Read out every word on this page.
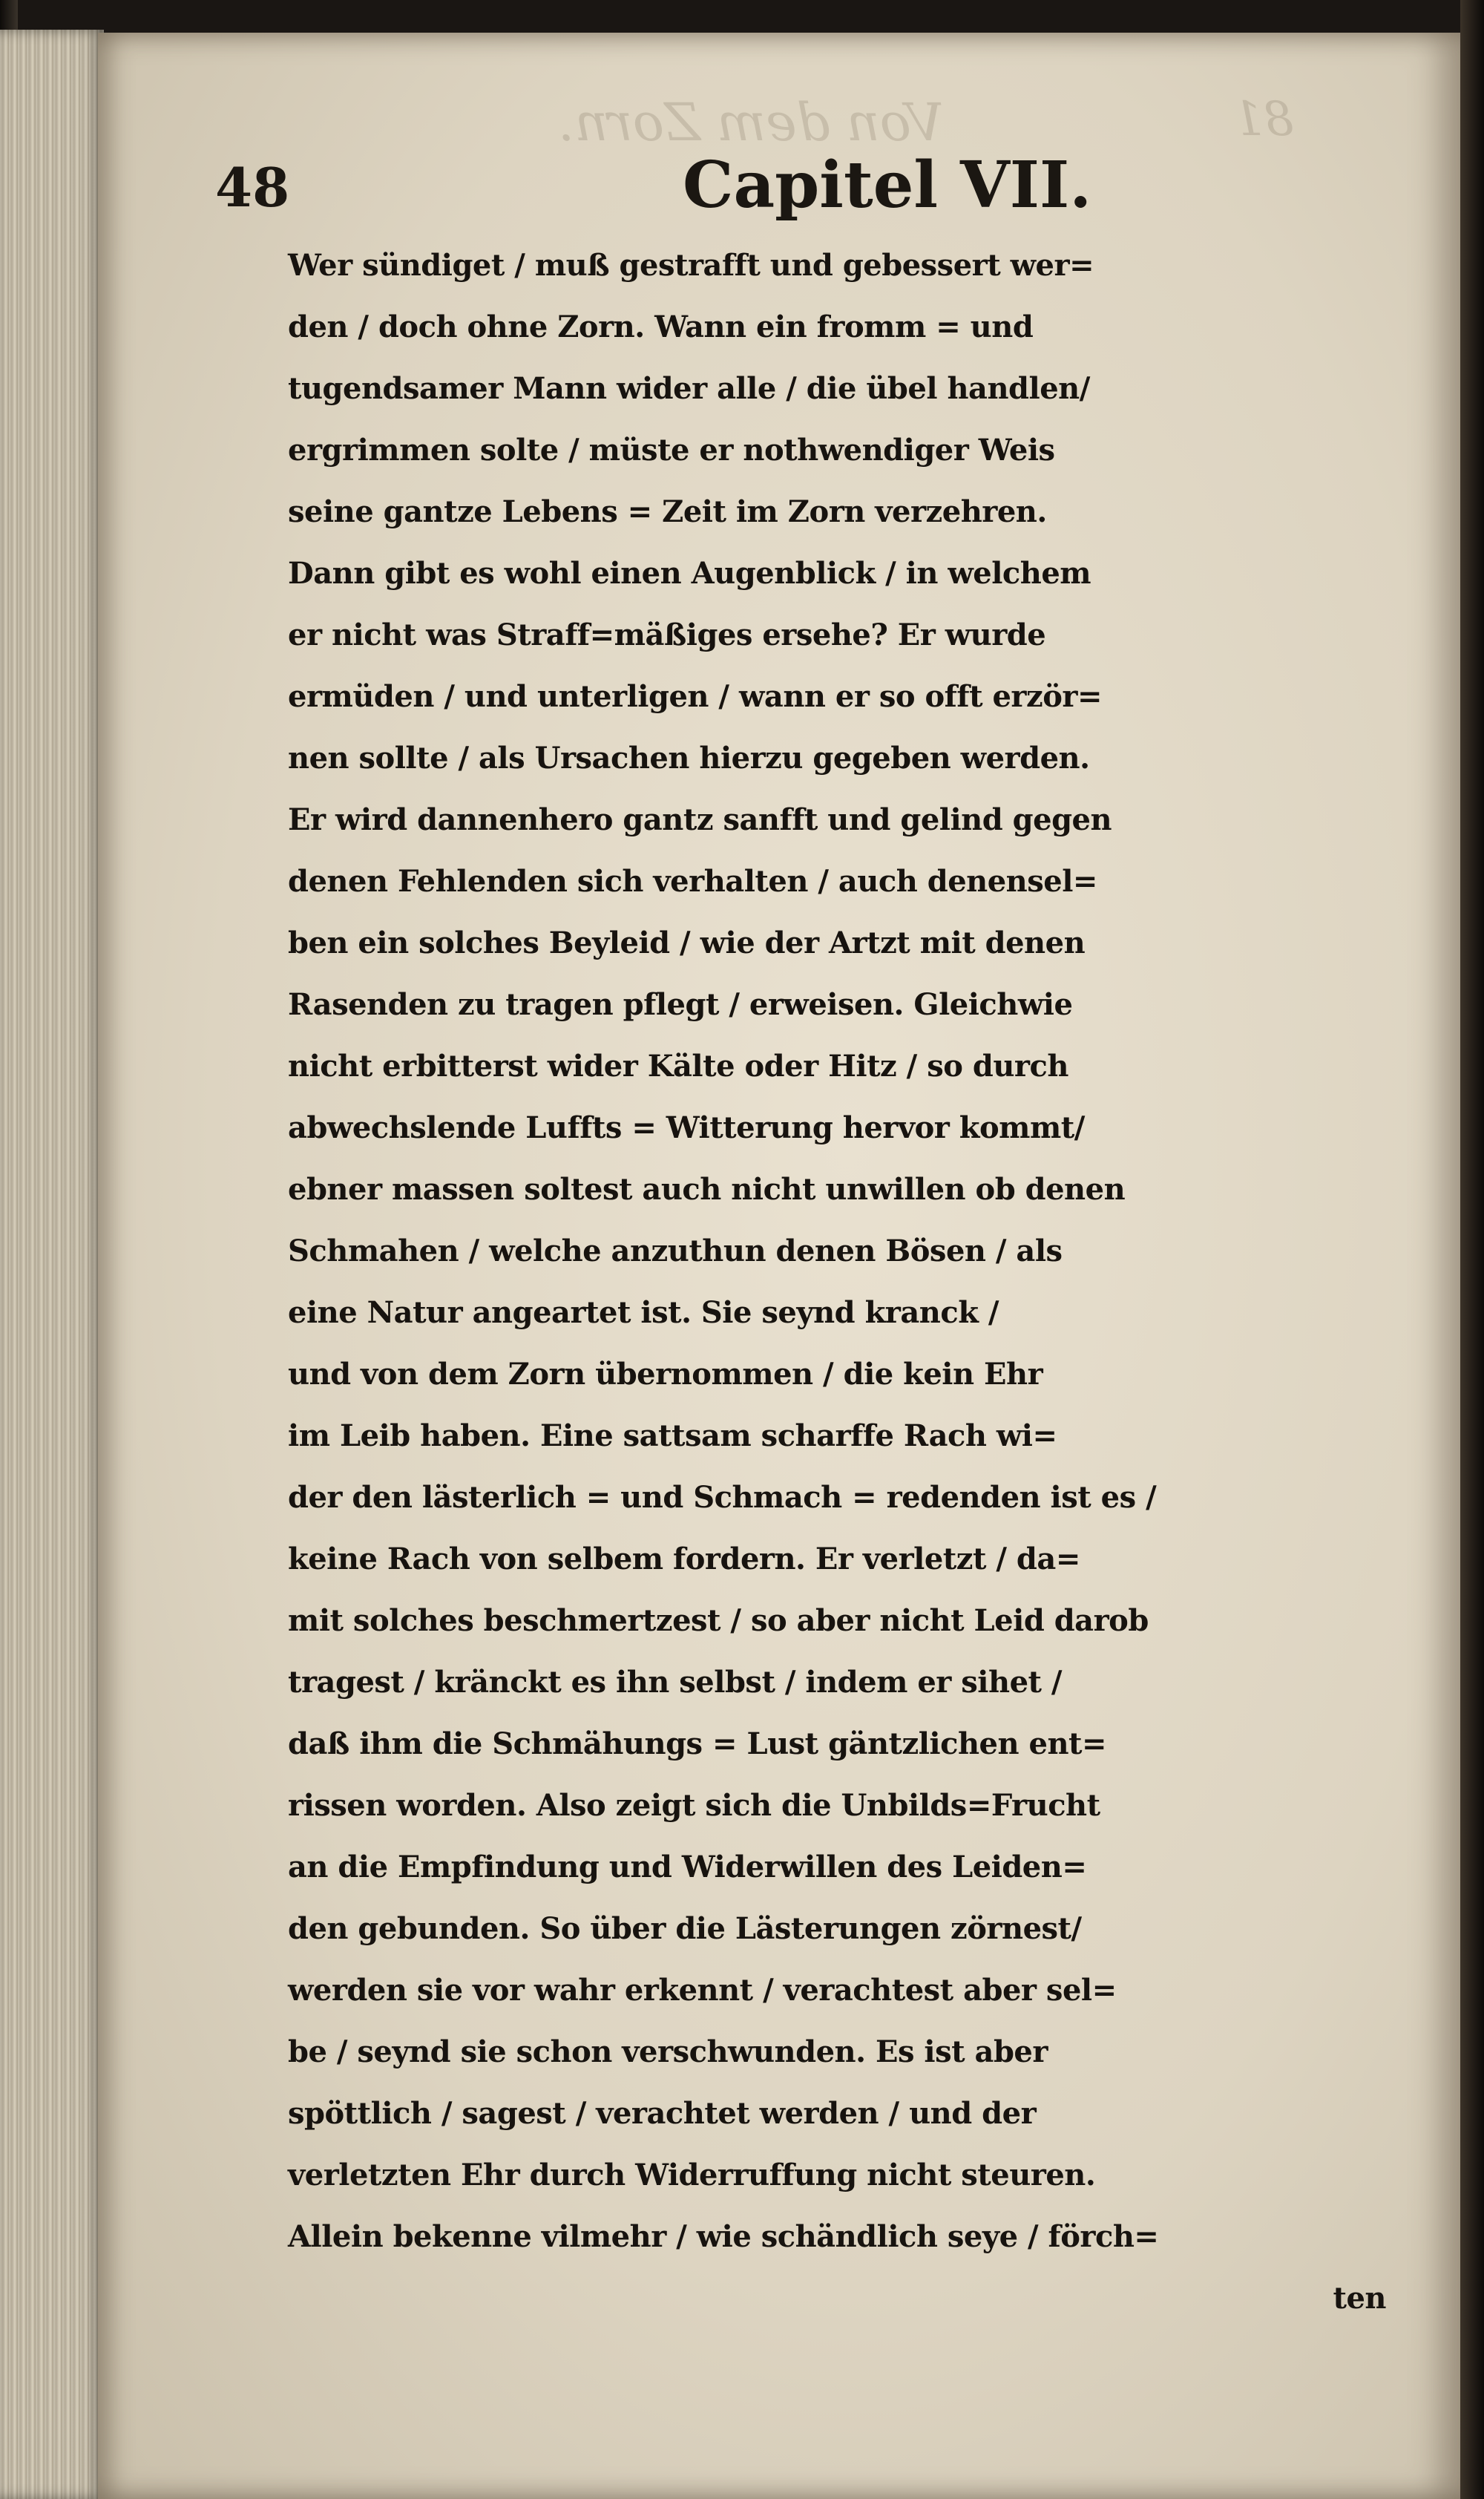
Von dem Zorn.	81
48	Capitel VII.
Wer sündiget / muß gestrafft und gebessert wer=
den / doch ohne Zorn. Wann ein fromm = und
tugendsamer Mann wider alle / die übel handlen/
ergrimmen solte / müste er nothwendiger Weis
seine gantze Lebens = Zeit im Zorn verzehren.
Dann gibt es wohl einen Augenblick / in welchem
er nicht was Straff=mäßiges ersehe? Er wurde
ermüden / und unterligen / wann er so offt erzör=
nen sollte / als Ursachen hierzu gegeben werden.
Er wird dannenhero gantz sanfft und gelind gegen
denen Fehlenden sich verhalten / auch denensel=
ben ein solches Beyleid / wie der Artzt mit denen
Rasenden zu tragen pflegt / erweisen. Gleichwie
nicht erbitterst wider Kälte oder Hitz / so durch
abwechslende Luffts = Witterung hervor kommt/
ebner massen soltest auch nicht unwillen ob denen
Schmahen / welche anzuthun denen Bösen / als
eine Natur angeartet ist. Sie seynd kranck /
und von dem Zorn übernommen / die kein Ehr
im Leib haben. Eine sattsam scharffe Rach wi=
der den lästerlich = und Schmach = redenden ist es /
keine Rach von selbem fordern. Er verletzt / da=
mit solches beschmertzest / so aber nicht Leid darob
tragest / kränckt es ihn selbst / indem er sihet /
daß ihm die Schmähungs = Lust gäntzlichen ent=
rissen worden. Also zeigt sich die Unbilds=Frucht
an die Empfindung und Widerwillen des Leiden=
den gebunden. So über die Lästerungen zörnest/
werden sie vor wahr erkennt / verachtest aber sel=
be / seynd sie schon verschwunden. Es ist aber
spöttlich / sagest / verachtet werden / und der
verletzten Ehr durch Widerruffung nicht steuren.
Allein bekenne vilmehr / wie schändlich seye / förch=
ten
